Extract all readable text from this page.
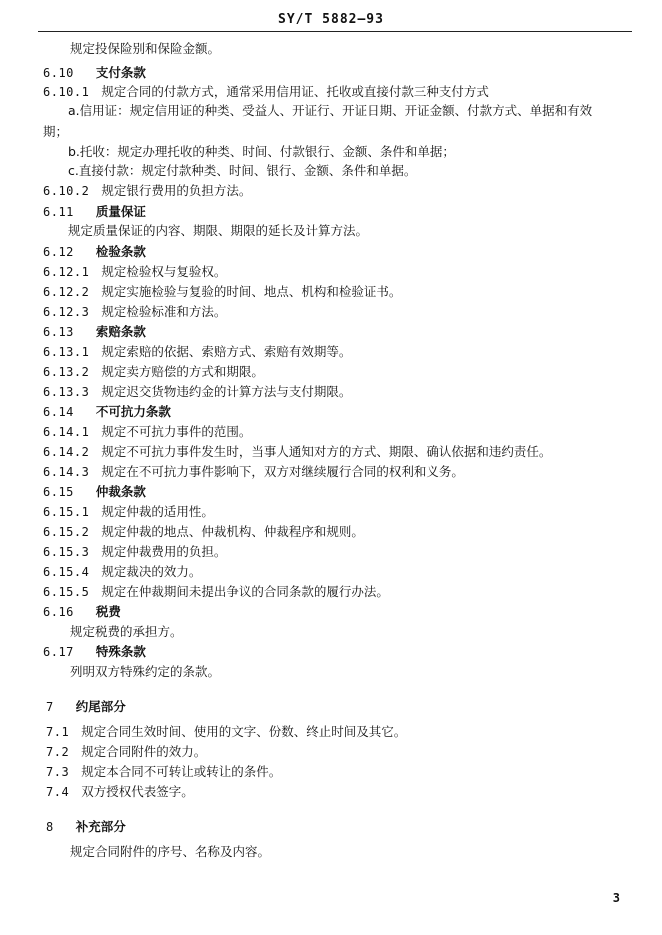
SY/T 5882—93
规定投保险别和保险金额。
6.10 支付条款
6.10.1 规定合同的付款方式，通常采用信用证、托收或直接付款三种支付方式
a.信用证：规定信用证的种类、受益人、开证行、开证日期、开证金额、付款方式、单据和有效
期；
b.托收：规定办理托收的种类、时间、付款银行、金额、条件和单据；
c.直接付款：规定付款种类、时间、银行、金额、条件和单据。
6.10.2 规定银行费用的负担方法。
6.11 质量保证
规定质量保证的内容、期限、期限的延长及计算方法。
6.12 检验条款
6.12.1 规定检验权与复验权。
6.12.2 规定实施检验与复验的时间、地点、机构和检验证书。
6.12.3 规定检验标准和方法。
6.13 索赔条款
6.13.1 规定索赔的依据、索赔方式、索赔有效期等。
6.13.2 规定卖方赔偿的方式和期限。
6.13.3 规定迟交货物违约金的计算方法与支付期限。
6.14 不可抗力条款
6.14.1 规定不可抗力事件的范围。
6.14.2 规定不可抗力事件发生时，当事人通知对方的方式、期限、确认依据和违约责任。
6.14.3 规定在不可抗力事件影响下，双方对继续履行合同的权利和义务。
6.15 仲裁条款
6.15.1 规定仲裁的适用性。
6.15.2 规定仲裁的地点、仲裁机构、仲裁程序和规则。
6.15.3 规定仲裁费用的负担。
6.15.4 规定裁决的效力。
6.15.5 规定在仲裁期间未提出争议的合同条款的履行办法。
6.16 税费
规定税费的承担方。
6.17 特殊条款
列明双方特殊约定的条款。
7 约尾部分
7.1 规定合同生效时间、使用的文字、份数、终止时间及其它。
7.2 规定合同附件的效力。
7.3 规定本合同不可转让或转让的条件。
7.4 双方授权代表签字。
8 补充部分
规定合同附件的序号、名称及内容。
3
